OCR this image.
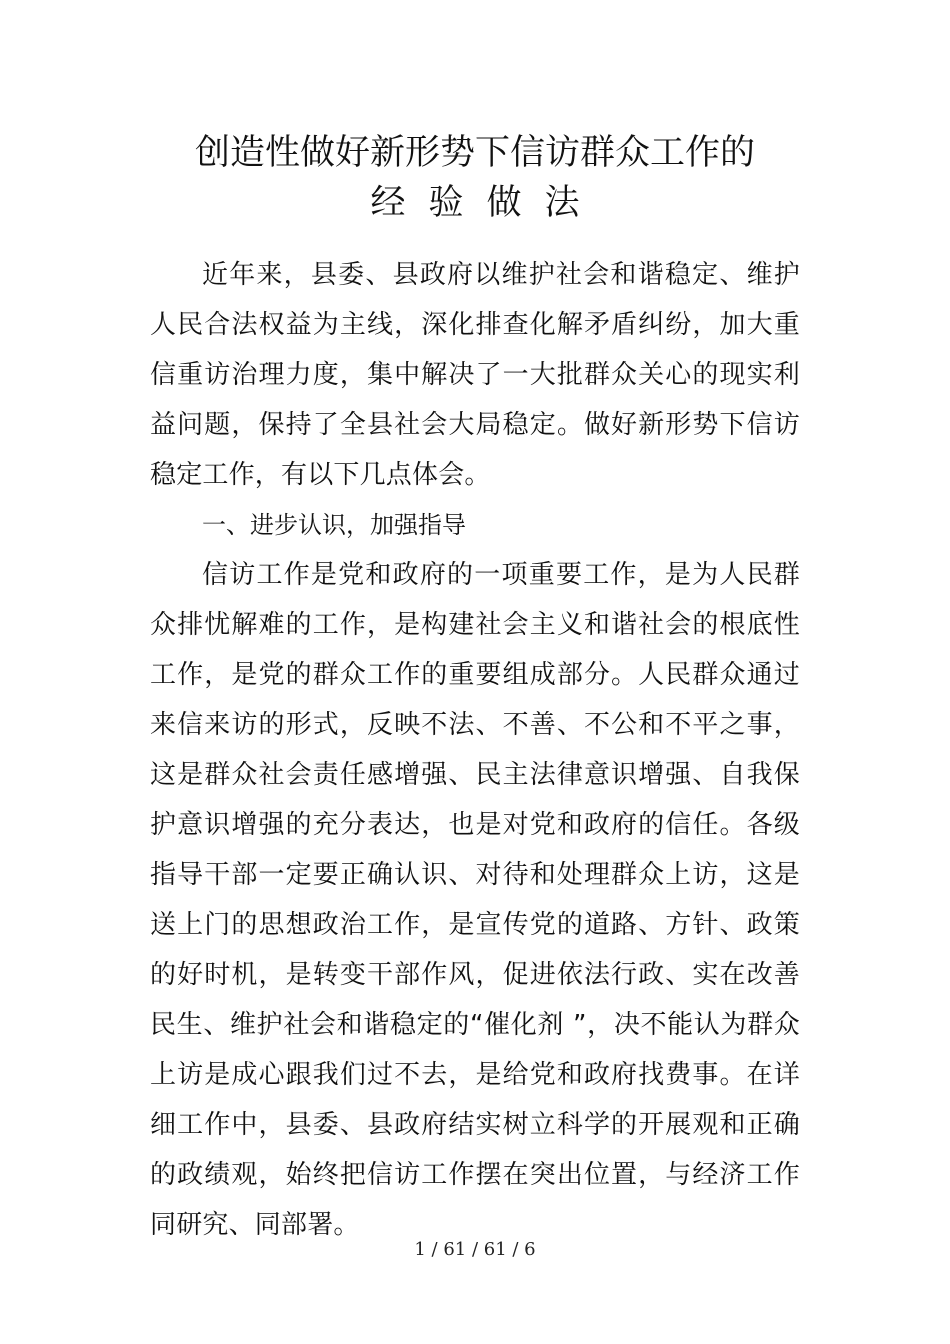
创造性做好新形势下信访群众工作的
经验做法

近年来，县委、县政府以维护社会和谐稳定、维护人民合法权益为主线，深化排查化解矛盾纠纷，加大重信重访治理力度，集中解决了一大批群众关心的现实利益问题，保持了全县社会大局稳定。做好新形势下信访稳定工作，有以下几点体会。

一、进步认识，加强指导

信访工作是党和政府的一项重要工作，是为人民群众排忧解难的工作，是构建社会主义和谐社会的根底性工作，是党的群众工作的重要组成部分。人民群众通过来信来访的形式，反映不法、不善、不公和不平之事，这是群众社会责任感增强、民主法律意识增强、自我保护意识增强的充分表达，也是对党和政府的信任。各级指导干部一定要正确认识、对待和处理群众上访，这是送上门的思想政治工作，是宣传党的道路、方针、政策的好时机，是转变干部作风，促进依法行政、实在改善民生、维护社会和谐稳定的“催化剂 ”，决不能认为群众上访是成心跟我们过不去，是给党和政府找费事。在详细工作中，县委、县政府结实树立科学的开展观和正确的政绩观，始终把信访工作摆在突出位置，与经济工作同研究、同部署。

1 / 61 / 61 / 6
